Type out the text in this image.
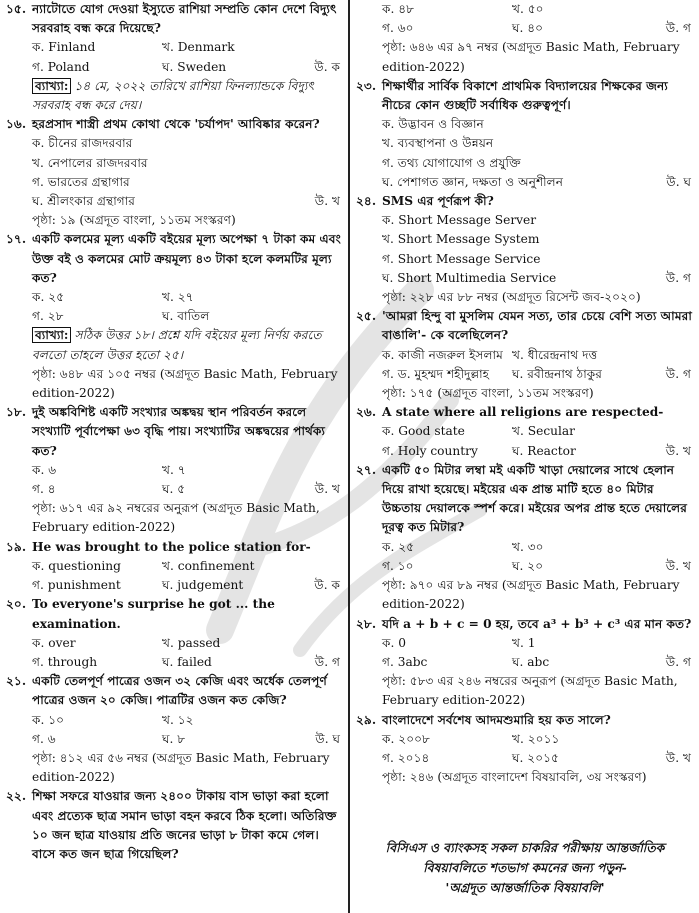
১৫. ন্যাটোতে যোগ দেওয়া ইস্যুতে রাশিয়া সম্প্রতি কোন দেশে বিদ্যুৎ সরবরাহ বন্ধ করে দিয়েছে?
ক. Finland	খ. Denmark
গ. Poland	ঘ. Sweden	উ. ক
ব্যাখ্যা: ১৪ মে, ২০২২ তারিখে রাশিয়া ফিনল্যান্ডকে বিদ্যুৎ সরবরাহ বন্ধ করে দেয়।
১৬. হরপ্রসাদ শাস্ত্রী প্রথম কোথা থেকে 'চর্যাপদ' আবিষ্কার করেন?
ক. চীনের রাজদরবার
খ. নেপালের রাজদরবার
গ. ভারতের গ্রন্থাগার
ঘ. শ্রীলংকার গ্রন্থাগার	উ. খ
পৃষ্ঠা: ১৯ (অগ্রদূত বাংলা, ১১তম সংস্করণ)
১৭. একটি কলমের মূল্য একটি বইয়ের মূল্য অপেক্ষা ৭ টাকা কম এবং উক্ত বই ও কলমের মোট ক্রয়মূল্য ৪৩ টাকা হলে কলমটির মূল্য কত?
ক. ২৫	খ. ২৭
গ. ২৮	ঘ. বাতিল
ব্যাখ্যা: সঠিক উত্তর ১৮। প্রশ্নে যদি বইয়ের মূল্য নির্ণয় করতে বলতো তাহলে উত্তর হতো ২৫।
পৃষ্ঠা: ৬৪৮ এর ১০৫ নম্বর (অগ্রদূত Basic Math, February edition-2022)
১৮. দুই অঙ্কবিশিষ্ট একটি সংখ্যার অঙ্কদ্বয় স্থান পরিবর্তন করলে সংখ্যাটি পূর্বাপেক্ষা ৬৩ বৃদ্ধি পায়। সংখ্যাটির অঙ্কদ্বয়ের পার্থক্য কত?
ক. ৬	খ. ৭
গ. ৪	ঘ. ৫	উ. খ
পৃষ্ঠা: ৬১৭ এর ৯২ নম্বরের অনুরূপ (অগ্রদূত Basic Math, February edition-2022)
১৯. He was brought to the police station for-
ক. questioning	খ. confinement
গ. punishment	ঘ. judgement	উ. ক
২০. To everyone's surprise he got ... the examination.
ক. over	খ. passed
গ. through	ঘ. failed	উ. গ
২১. একটি তেলপূর্ণ পাত্রের ওজন ৩২ কেজি এবং অর্ধেক তেলপূর্ণ পাত্রের ওজন ২০ কেজি। পাত্রটির ওজন কত কেজি?
ক. ১০	খ. ১২
গ. ৬	ঘ. ৮	উ. ঘ
পৃষ্ঠা: ৪১২ এর ৫৬ নম্বর (অগ্রদূত Basic Math, February edition-2022)
২২. শিক্ষা সফরে যাওয়ার জন্য ২৪০০ টাকায় বাস ভাড়া করা হলো এবং প্রত্যেক ছাত্র সমান ভাড়া বহন করবে ঠিক হলো। অতিরিক্ত ১০ জন ছাত্র যাওয়ায় প্রতি জনের ভাড়া ৮ টাকা কমে গেল। বাসে কত জন ছাত্র গিয়েছিল?
ক. ৪৮	খ. ৫০
গ. ৬০	ঘ. ৪০	উ. গ
পৃষ্ঠা: ৬৪৬ এর ৯৭ নম্বর (অগ্রদূত Basic Math, February edition-2022)
২৩. শিক্ষার্থীর সার্বিক বিকাশে প্রাথমিক বিদ্যালয়ের শিক্ষকের জন্য নীচের কোন গুচ্ছটি সর্বাধিক গুরুত্বপূর্ণ।
ক. উদ্ভাবন ও বিজ্ঞান
খ. ব্যবস্থাপনা ও উন্নয়ন
গ. তথ্য যোগাযোগ ও প্রযুক্তি
ঘ. পেশাগত জ্ঞান, দক্ষতা ও অনুশীলন	উ. ঘ
২৪. SMS এর পূর্ণরূপ কী?
ক. Short Message Server
খ. Short Message System
গ. Short Message Service
ঘ. Short Multimedia Service	উ. গ
পৃষ্ঠা: ২২৮ এর ৮৮ নম্বর (অগ্রদূত রিসেন্ট জব-২০২০)
২৫. 'আমরা হিন্দু বা মুসলিম যেমন সত্য, তার চেয়ে বেশি সত্য আমরা বাঙালি'- কে বলেছিলেন?
ক. কাজী নজরুল ইসলাম খ. ধীরেন্দ্রনাথ দত্ত
গ. ড. মুহম্মদ শহীদুল্লাহ ঘ. রবীন্দ্রনাথ ঠাকুর	উ. গ
পৃষ্ঠা: ১৭৫ (অগ্রদূত বাংলা, ১১তম সংস্করণ)
২৬. A state where all religions are respected-
ক. Good state	খ. Secular
গ. Holy country	ঘ. Reactor	উ. খ
২৭. একটি ৫০ মিটার লম্বা মই একটি খাড়া দেয়ালের সাথে হেলান দিয়ে রাখা হয়েছে। মইয়ের এক প্রান্ত মাটি হতে ৪০ মিটার উচ্চতায় দেয়ালকে স্পর্শ করে। মইয়ের অপর প্রান্ত হতে দেয়ালের দূরত্ব কত মিটার?
ক. ২৫	খ. ৩০
গ. ১০	ঘ. ২০	উ. খ
পৃষ্ঠা: ৯৭০ এর ৮৯ নম্বর (অগ্রদূত Basic Math, February edition-2022)
২৮. যদি a + b + c = 0 হয়, তবে a³ + b³ + c³ এর মান কত?
ক. 0	খ. 1
গ. 3abc	ঘ. abc	উ. গ
পৃষ্ঠা: ৫৮৩ এর ২৪৬ নম্বরের অনুরূপ (অগ্রদূত Basic Math, February edition-2022)
২৯. বাংলাদেশে সর্বশেষ আদমশুমারি হয় কত সালে?
ক. ২০০৮	খ. ২০১১
গ. ২০১৪	ঘ. ২০১৫	উ. খ
পৃষ্ঠা: ২৪৬ (অগ্রদূত বাংলাদেশ বিষয়াবলি, ৩য় সংস্করণ)
বিসিএস ও ব্যাংকসহ সকল চাকরির পরীক্ষায় আন্তর্জাতিক
বিষয়াবলিতে শতভাগ কমনের জন্য পড়ুন-
'অগ্রদূত আন্তর্জাতিক বিষয়াবলি'
